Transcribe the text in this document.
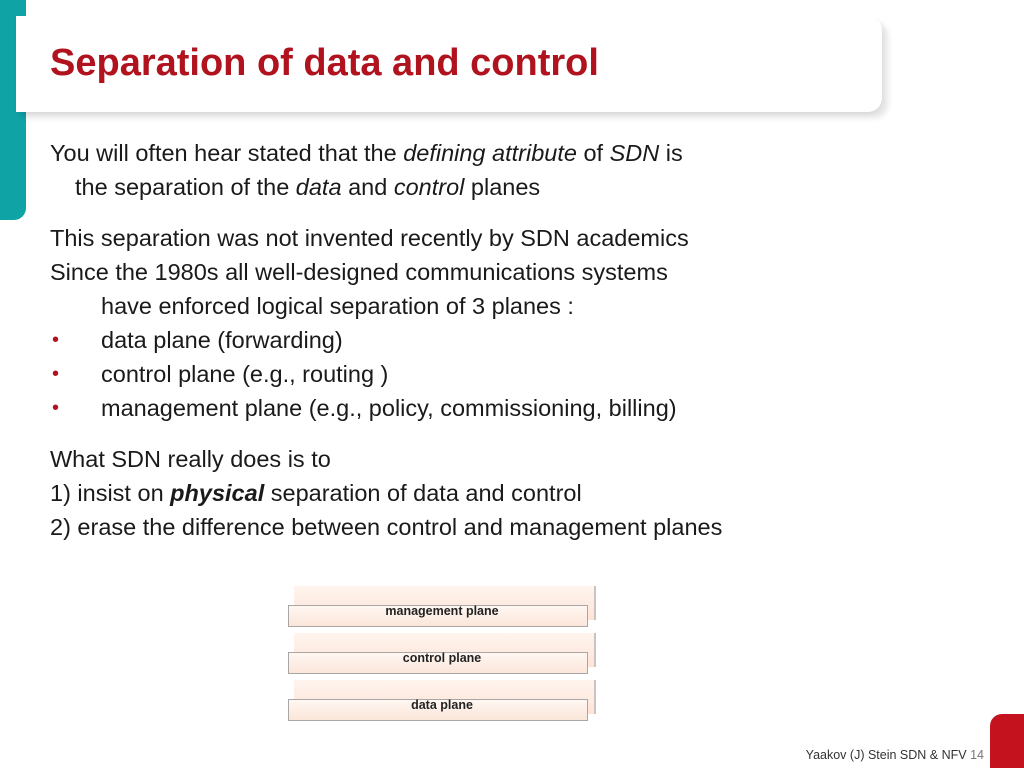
Separation of data and control

You will often hear stated that the defining attribute of SDN is

the separation of the data and control planes

This separation was not invented recently by SDN academics

Since the 1980s all well-designed communications systems

have enforced logical separation of 3 planes :

• data plane (forwarding)

• control plane (e.g., routing )

• management plane (e.g., policy, commissioning, billing)

What SDN really does is to

1) insist on physical separation of data and control

2) erase the difference between control and management planes

management plane
control plane
data plane
Yaakov (J) Stein SDN & NFV 14
